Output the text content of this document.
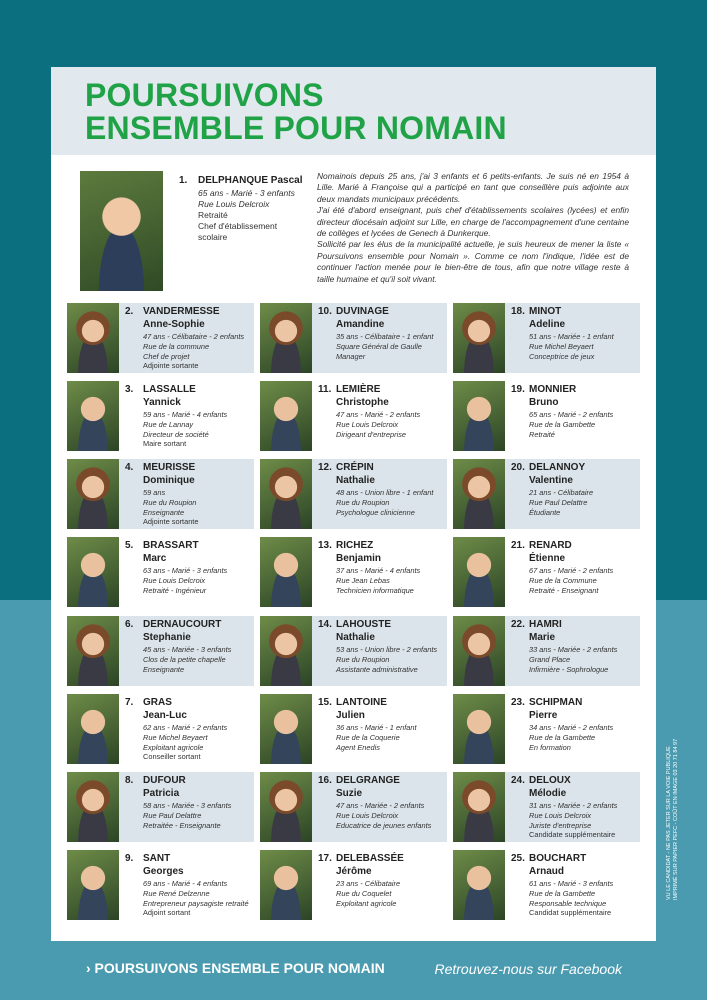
POURSUIVONS
ENSEMBLE POUR NOMAIN
1. DELPHANQUE Pascal
65 ans - Marié - 3 enfants
Rue Louis Delcroix
Retraité
Chef d'établissement
scolaire

Nomainois depuis 25 ans, j'ai 3 enfants et 6 petits-enfants. Je suis né en 1954 à Lille. Marié à Françoise qui a participé en tant que conseillère puis adjointe aux deux mandats municipaux précédents.

J'ai été d'abord enseignant, puis chef d'établissements scolaires (lycées) et enfin directeur diocésain adjoint sur Lille, en charge de l'accompagnement d'une centaine de collèges et lycées de Genech à Dunkerque.

Sollicité par les élus de la municipalité actuelle, je suis heureux de mener la liste « Poursuivons ensemble pour Nomain ». Comme ce nom l'indique, l'idée est de continuer l'action menée pour le bien-être de tous, afin que notre village reste à taille humaine et qu'il soit vivant.

2. VANDERMESSE
Anne-Sophie
47 ans - Célibataire - 2 enfants
Rue de la commune
Chef de projet
Adjointe sortante
3. LASSALLE
Yannick
59 ans - Marié - 4 enfants
Rue de Lannay
Directeur de société
Maire sortant
4. MEURISSE
Dominique
59 ans
Rue du Roupion
Enseignante
Adjointe sortante
5. BRASSART
Marc
63 ans - Marié - 3 enfants
Rue Louis Delcroix
Retraité - Ingénieur
6. DERNAUCOURT
Stephanie
45 ans - Mariée - 3 enfants
Clos de la petite chapelle
Enseignante
7. GRAS
Jean-Luc
62 ans - Marié - 2 enfants
Rue Michel Beyaert
Exploitant agricole
Conseiller sortant
8. DUFOUR
Patricia
58 ans - Mariée - 3 enfants
Rue Paul Delattre
Retraitée - Enseignante
9. SANT
Georges
69 ans - Marié - 4 enfants
Rue René Delzenne
Entrepreneur paysagiste retraité
Adjoint sortant
10. DUVINAGE
Amandine
35 ans - Célibataire - 1 enfant
Square Général de Gaulle
Manager
11. LEMIÈRE
Christophe
47 ans - Marié - 2 enfants
Rue Louis Delcroix
Dirigeant d'entreprise
12. CRÉPIN
Nathalie
48 ans - Union libre - 1 enfant
Rue du Roupion
Psychologue clinicienne
13. RICHEZ
Benjamin
37 ans - Marié - 4 enfants
Rue Jean Lebas
Technicien informatique
14. LAHOUSTE
Nathalie
53 ans - Union libre - 2 enfants
Rue du Roupion
Assistante administrative
15. LANTOINE
Julien
36 ans - Marié - 1 enfant
Rue de la Coquerie
Agent Enedis
16. DELGRANGE
Suzie
47 ans - Mariée - 2 enfants
Rue Louis Delcroix
Educatrice de jeunes enfants
17. DELEBASSÉE
Jérôme
23 ans - Célibataire
Rue du Coquelet
Exploitant agricole
18. MINOT
Adeline
51 ans - Mariée - 1 enfant
Rue Michel Beyaert
Conceptrice de jeux
19. MONNIER
Bruno
65 ans - Marié - 2 enfants
Rue de la Gambette
Retraité
20. DELANNOY
Valentine
21 ans - Célibataire
Rue Paul Delattre
Étudiante
21. RENARD
Étienne
67 ans - Marié - 2 enfants
Rue de la Commune
Retraité - Enseignant
22. HAMRI
Marie
33 ans - Mariée - 2 enfants
Grand Place
Infirmière - Sophrologue
23. SCHIPMAN
Pierre
34 ans - Marié - 2 enfants
Rue de la Gambette
En formation
24. DELOUX
Mélodie
31 ans - Mariée - 2 enfants
Rue Louis Delcroix
Juriste d'entreprise
Candidate supplémentaire
25. BOUCHART
Arnaud
61 ans - Marié - 3 enfants
Rue de la Gambette
Responsable technique
Candidat supplémentaire
VU LE CANDIDAT - NE PAS JETER SUR LA VOIE PUBLIQUE IMPRIMÉ SUR PAPIER PEFC - COÛT EN IMAGE 03 20 71 84 97
› POURSUIVONS ENSEMBLE POUR NOMAIN	Retrouvez-nous sur Facebook
